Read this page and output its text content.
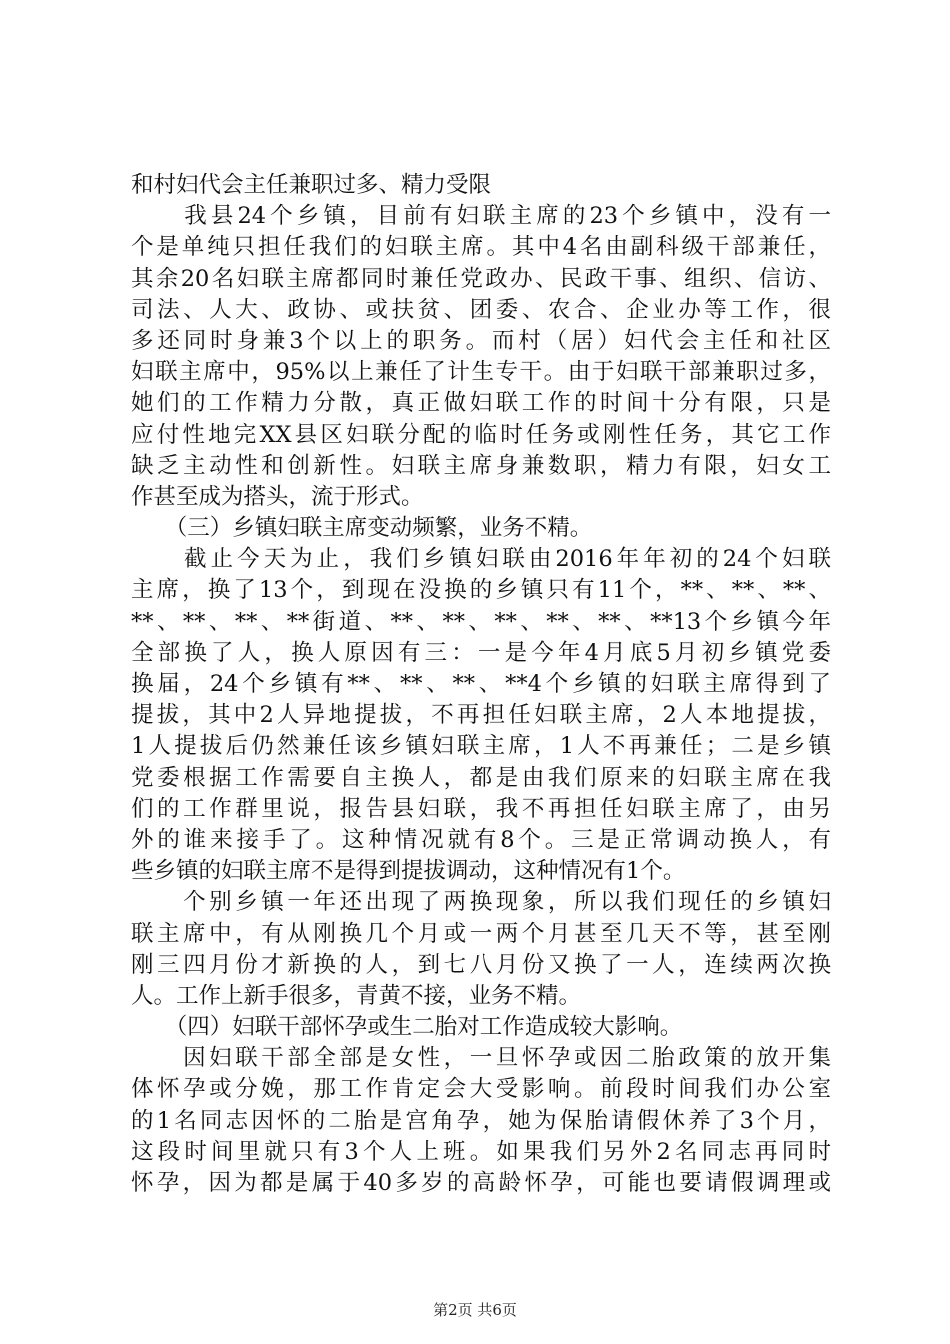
和村妇代会主任兼职过多、精力受限
　　我县24个乡镇，目前有妇联主席的23个乡镇中，没有一
个是单纯只担任我们的妇联主席。其中4名由副科级干部兼任，
其余20名妇联主席都同时兼任党政办、民政干事、组织、信访、
司法、人大、政协、或扶贫、团委、农合、企业办等工作，很
多还同时身兼3个以上的职务。而村（居）妇代会主任和社区
妇联主席中，95%以上兼任了计生专干。由于妇联干部兼职过多，
她们的工作精力分散，真正做妇联工作的时间十分有限，只是
应付性地完XX县区妇联分配的临时任务或刚性任务，其它工作
缺乏主动性和创新性。妇联主席身兼数职，精力有限，妇女工
作甚至成为搭头，流于形式。
　　（三）乡镇妇联主席变动频繁，业务不精。
　　截止今天为止，我们乡镇妇联由2016年年初的24个妇联
主席，换了13个，到现在没换的乡镇只有11个，**、**、**、
**、**、**、**街道、**、**、**、**、**、**13个乡镇今年
全部换了人，换人原因有三：一是今年4月底5月初乡镇党委
换届，24个乡镇有**、**、**、**4个乡镇的妇联主席得到了
提拔，其中2人异地提拔，不再担任妇联主席，2人本地提拔，
1人提拔后仍然兼任该乡镇妇联主席，1人不再兼任；二是乡镇
党委根据工作需要自主换人，都是由我们原来的妇联主席在我
们的工作群里说，报告县妇联，我不再担任妇联主席了，由另
外的谁来接手了。这种情况就有8个。三是正常调动换人，有
些乡镇的妇联主席不是得到提拔调动，这种情况有1个。
　　个别乡镇一年还出现了两换现象，所以我们现任的乡镇妇
联主席中，有从刚换几个月或一两个月甚至几天不等，甚至刚
刚三四月份才新换的人，到七八月份又换了一人，连续两次换
人。工作上新手很多，青黄不接，业务不精。
　　（四）妇联干部怀孕或生二胎对工作造成较大影响。
　　因妇联干部全部是女性，一旦怀孕或因二胎政策的放开集
体怀孕或分娩，那工作肯定会大受影响。前段时间我们办公室
的1名同志因怀的二胎是宫角孕，她为保胎请假休养了3个月，
这段时间里就只有3个人上班。如果我们另外2名同志再同时
怀孕，因为都是属于40多岁的高龄怀孕，可能也要请假调理或
第2页 共6页
